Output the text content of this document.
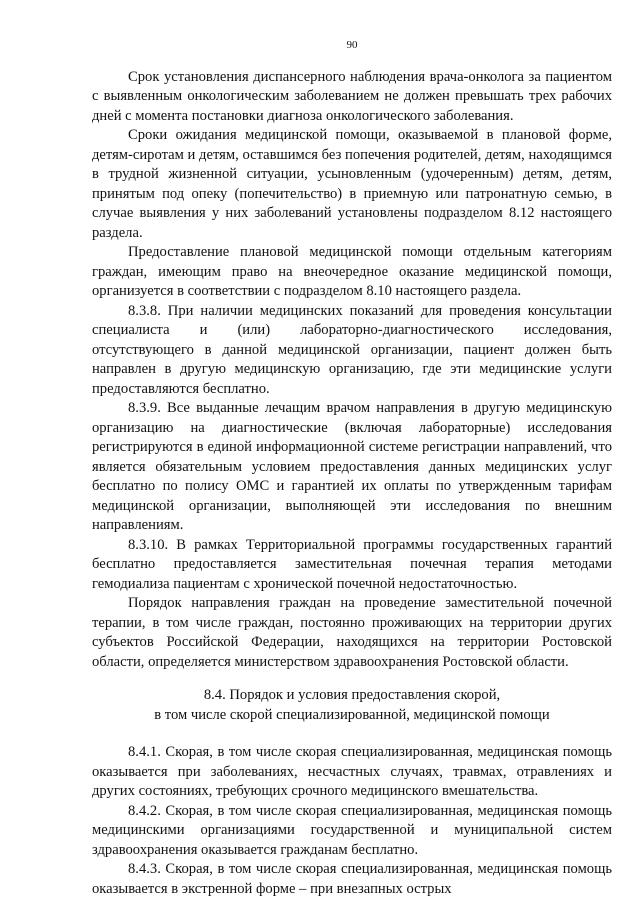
90

Срок установления диспансерного наблюдения врача-онколога за пациентом с выявленным онкологическим заболеванием не должен превышать трех рабочих дней с момента постановки диагноза онкологического заболевания.

Сроки ожидания медицинской помощи, оказываемой в плановой форме, детям-сиротам и детям, оставшимся без попечения родителей, детям, находящимся в трудной жизненной ситуации, усыновленным (удочеренным) детям, детям, принятым под опеку (попечительство) в приемную или патронатную семью, в случае выявления у них заболеваний установлены подразделом 8.12 настоящего раздела.

Предоставление плановой медицинской помощи отдельным категориям граждан, имеющим право на внеочередное оказание медицинской помощи, организуется в соответствии с подразделом 8.10 настоящего раздела.

8.3.8. При наличии медицинских показаний для проведения консультации специалиста и (или) лабораторно-диагностического исследования, отсутствующего в данной медицинской организации, пациент должен быть направлен в другую медицинскую организацию, где эти медицинские услуги предоставляются бесплатно.

8.3.9. Все выданные лечащим врачом направления в другую медицинскую организацию на диагностические (включая лабораторные) исследования регистрируются в единой информационной системе регистрации направлений, что является обязательным условием предоставления данных медицинских услуг бесплатно по полису ОМС и гарантией их оплаты по утвержденным тарифам медицинской организации, выполняющей эти исследования по внешним направлениям.

8.3.10. В рамках Территориальной программы государственных гарантий бесплатно предоставляется заместительная почечная терапия методами гемодиализа пациентам с хронической почечной недостаточностью.

Порядок направления граждан на проведение заместительной почечной терапии, в том числе граждан, постоянно проживающих на территории других субъектов Российской Федерации, находящихся на территории Ростовской области, определяется министерством здравоохранения Ростовской области.

8.4. Порядок и условия предоставления скорой,
в том числе скорой специализированной, медицинской помощи

8.4.1. Скорая, в том числе скорая специализированная, медицинская помощь оказывается при заболеваниях, несчастных случаях, травмах, отравлениях и других состояниях, требующих срочного медицинского вмешательства.

8.4.2. Скорая, в том числе скорая специализированная, медицинская помощь медицинскими организациями государственной и муниципальной систем здравоохранения оказывается гражданам бесплатно.

8.4.3. Скорая, в том числе скорая специализированная, медицинская помощь оказывается в экстренной форме – при внезапных острых
